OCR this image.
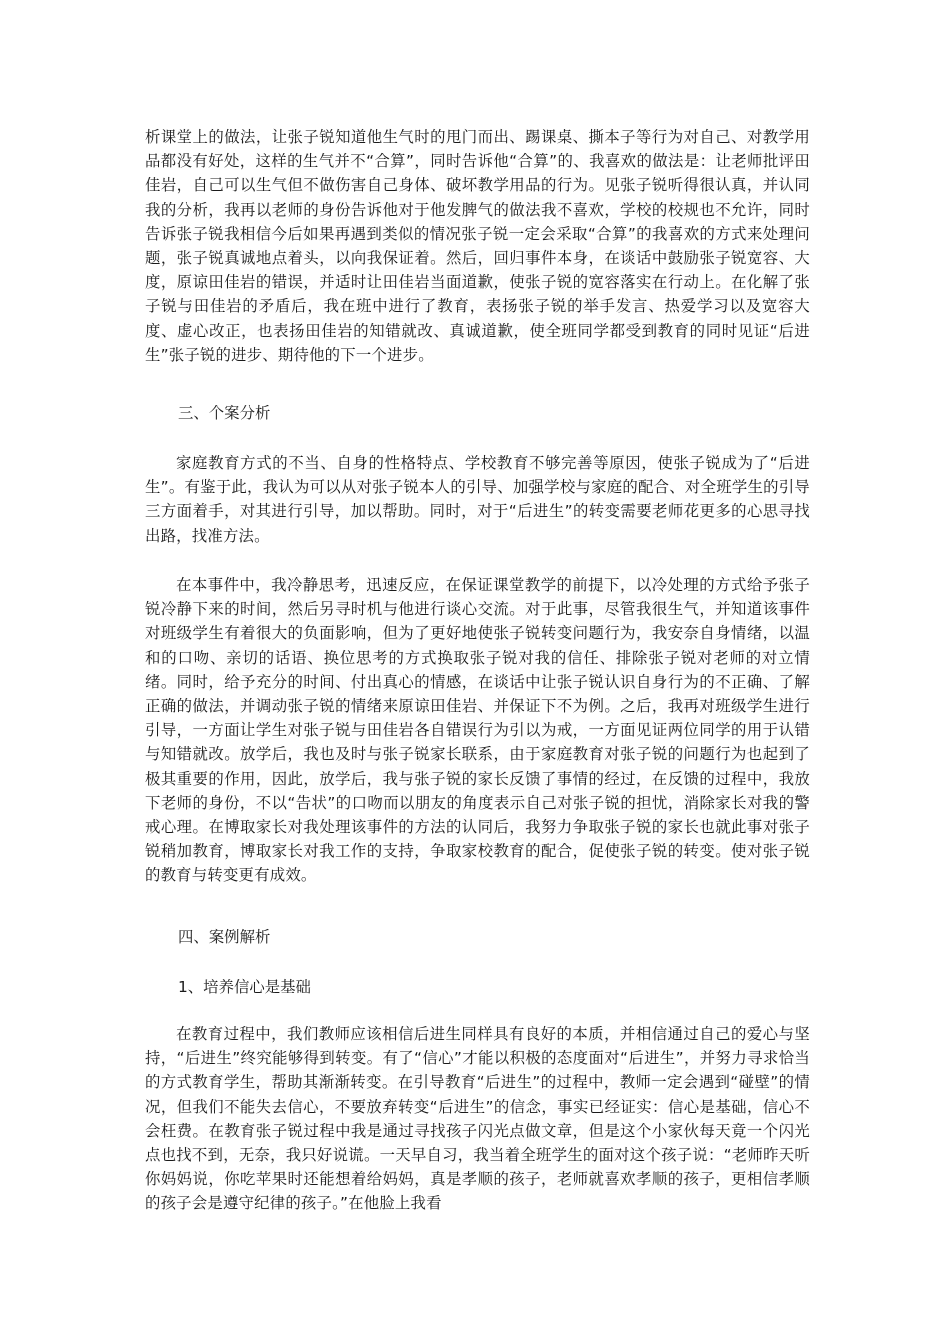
析课堂上的做法，让张子锐知道他生气时的甩门而出、踢课桌、撕本子等行为对自己、对教学用品都没有好处，这样的生气并不“合算”，同时告诉他“合算”的、我喜欢的做法是：让老师批评田佳岩，自己可以生气但不做伤害自己身体、破坏教学用品的行为。见张子锐听得很认真，并认同我的分析，我再以老师的身份告诉他对于他发脾气的做法我不喜欢，学校的校规也不允许，同时告诉张子锐我相信今后如果再遇到类似的情况张子锐一定会采取“合算”的我喜欢的方式来处理问题，张子锐真诚地点着头，以向我保证着。然后，回归事件本身，在谈话中鼓励张子锐宽容、大度，原谅田佳岩的错误，并适时让田佳岩当面道歉，使张子锐的宽容落实在行动上。在化解了张子锐与田佳岩的矛盾后，我在班中进行了教育，表扬张子锐的举手发言、热爱学习以及宽容大度、虚心改正，也表扬田佳岩的知错就改、真诚道歉，使全班同学都受到教育的同时见证“后进生”张子锐的进步、期待他的下一个进步。

三、个案分析

家庭教育方式的不当、自身的性格特点、学校教育不够完善等原因，使张子锐成为了“后进生”。有鉴于此，我认为可以从对张子锐本人的引导、加强学校与家庭的配合、对全班学生的引导三方面着手，对其进行引导，加以帮助。同时，对于“后进生”的转变需要老师花更多的心思寻找出路，找准方法。

在本事件中，我冷静思考，迅速反应，在保证课堂教学的前提下，以冷处理的方式给予张子锐冷静下来的时间，然后另寻时机与他进行谈心交流。对于此事，尽管我很生气，并知道该事件对班级学生有着很大的负面影响，但为了更好地使张子锐转变问题行为，我安奈自身情绪，以温和的口吻、亲切的话语、换位思考的方式换取张子锐对我的信任、排除张子锐对老师的对立情绪。同时，给予充分的时间、付出真心的情感，在谈话中让张子锐认识自身行为的不正确、了解正确的做法，并调动张子锐的情绪来原谅田佳岩、并保证下不为例。之后，我再对班级学生进行引导，一方面让学生对张子锐与田佳岩各自错误行为引以为戒，一方面见证两位同学的用于认错与知错就改。放学后，我也及时与张子锐家长联系，由于家庭教育对张子锐的问题行为也起到了极其重要的作用，因此，放学后，我与张子锐的家长反馈了事情的经过，在反馈的过程中，我放下老师的身份，不以“告状”的口吻而以朋友的角度表示自己对张子锐的担忧，消除家长对我的警戒心理。在博取家长对我处理该事件的方法的认同后，我努力争取张子锐的家长也就此事对张子锐稍加教育，博取家长对我工作的支持，争取家校教育的配合，促使张子锐的转变。使对张子锐的教育与转变更有成效。

四、案例解析

1、培养信心是基础

在教育过程中，我们教师应该相信后进生同样具有良好的本质，并相信通过自己的爱心与坚持，“后进生”终究能够得到转变。有了“信心”才能以积极的态度面对“后进生”，并努力寻求恰当的方式教育学生，帮助其渐渐转变。在引导教育“后进生”的过程中，教师一定会遇到“碰壁”的情况，但我们不能失去信心，不要放弃转变“后进生”的信念，事实已经证实：信心是基础，信心不会枉费。在教育张子锐过程中我是通过寻找孩子闪光点做文章，但是这个小家伙每天竟一个闪光点也找不到，无奈，我只好说谎。一天早自习，我当着全班学生的面对这个孩子说：“老师昨天听你妈妈说，你吃苹果时还能想着给妈妈，真是孝顺的孩子，老师就喜欢孝顺的孩子，更相信孝顺的孩子会是遵守纪律的孩子。”在他脸上我看
